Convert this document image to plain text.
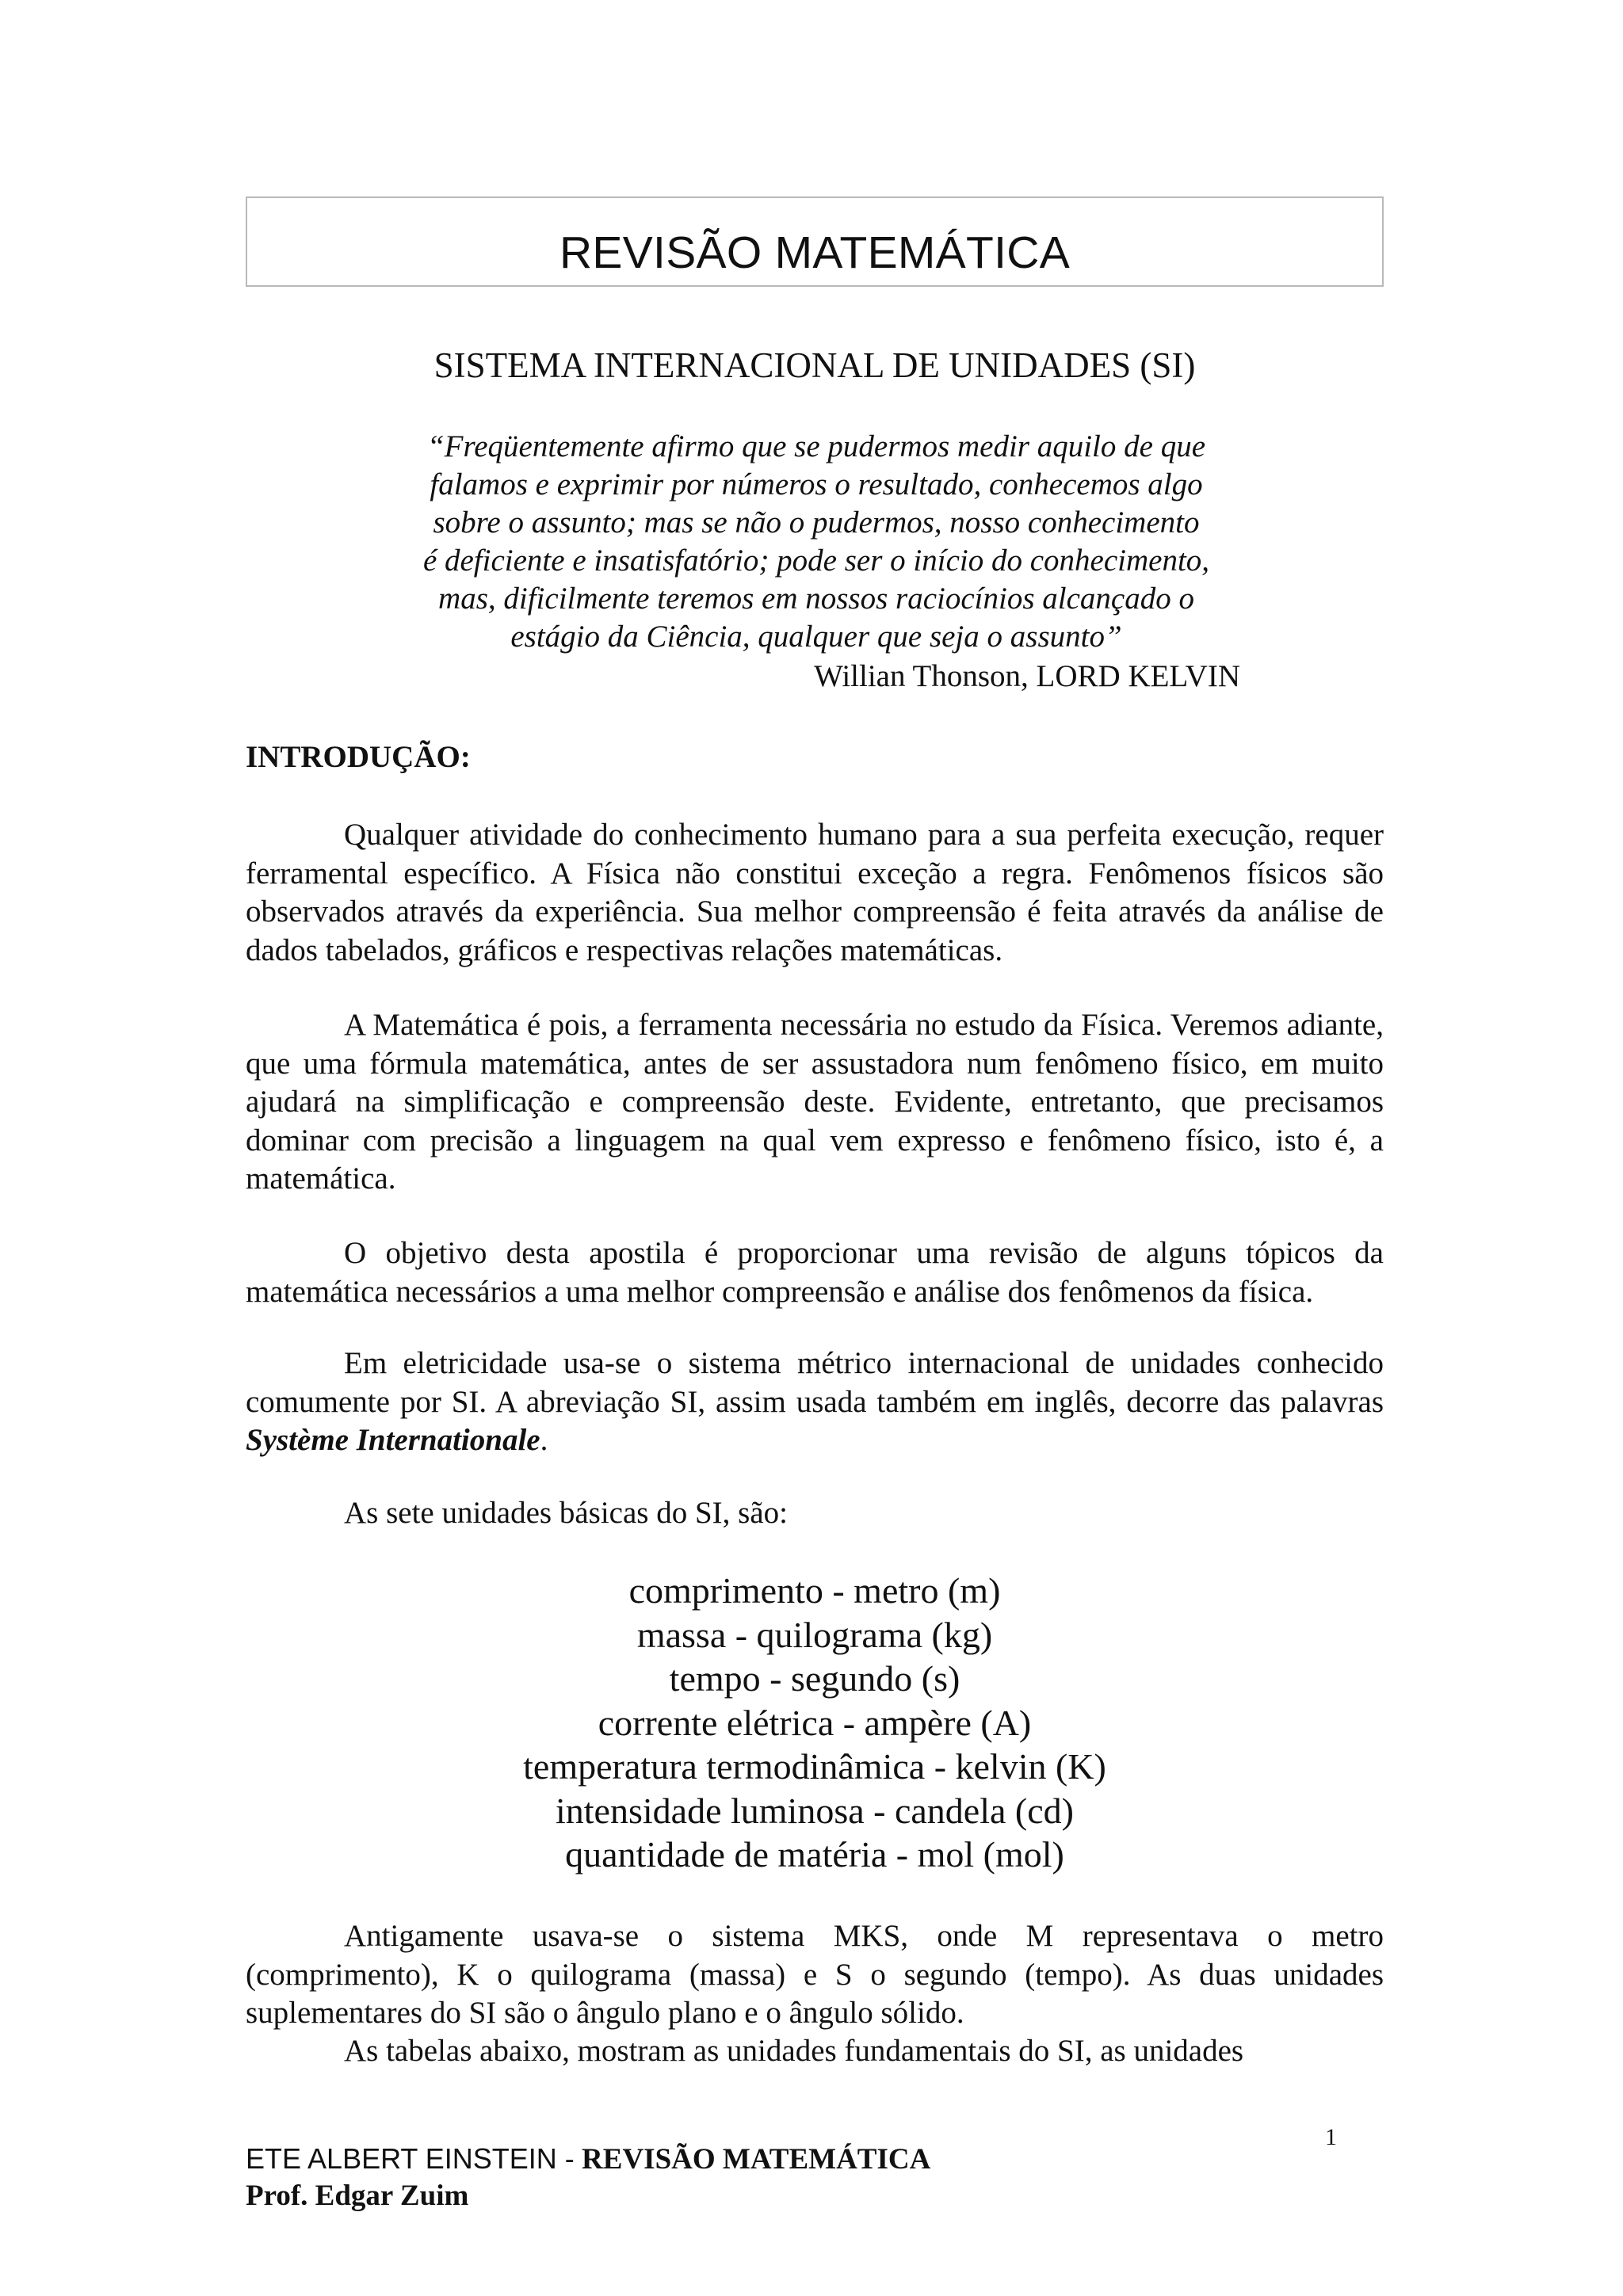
REVISÃO MATEMÁTICA
SISTEMA INTERNACIONAL DE UNIDADES (SI)
“Freqüentemente afirmo que se pudermos medir aquilo de que
falamos e exprimir por números o resultado, conhecemos algo
sobre o assunto; mas se não o pudermos, nosso conhecimento
é deficiente e insatisfatório; pode ser o início do conhecimento,
mas, dificilmente teremos em nossos raciocínios alcançado o
estágio da Ciência, qualquer que seja o assunto”
Willian Thonson, LORD KELVIN
INTRODUÇÃO:

Qualquer atividade do conhecimento humano para a sua perfeita execução, requer ferramental específico. A Física não constitui exceção a regra. Fenômenos físicos são observados através da experiência. Sua melhor compreensão é feita através da análise de dados tabelados, gráficos e respectivas relações matemáticas.

A Matemática é pois, a ferramenta necessária no estudo da Física. Veremos adiante, que uma fórmula matemática, antes de ser assustadora num fenômeno físico, em muito ajudará na simplificação e compreensão deste. Evidente, entretanto, que precisamos dominar com precisão a linguagem na qual vem expresso e fenômeno físico, isto é, a matemática.

O objetivo desta apostila é proporcionar uma revisão de alguns tópicos da matemática necessários a uma melhor compreensão e análise dos fenômenos da física.

Em eletricidade usa-se o sistema métrico internacional de unidades conhecido comumente por SI. A abreviação SI, assim usada também em inglês, decorre das palavras Système Internationale.

As sete unidades básicas do SI, são:

comprimento - metro (m)
massa - quilograma (kg)
tempo - segundo (s)
corrente elétrica - ampère (A)
temperatura termodinâmica - kelvin (K)
intensidade luminosa - candela (cd)
quantidade de matéria - mol (mol)

Antigamente usava-se o sistema MKS, onde M representava o metro (comprimento), K o quilograma (massa) e S o segundo (tempo). As duas unidades suplementares do SI são o ângulo plano e o ângulo sólido.

As tabelas abaixo, mostram as unidades fundamentais do SI, as unidades

1
ETE ALBERT EINSTEIN - REVISÃO MATEMÁTICA
Prof. Edgar Zuim
